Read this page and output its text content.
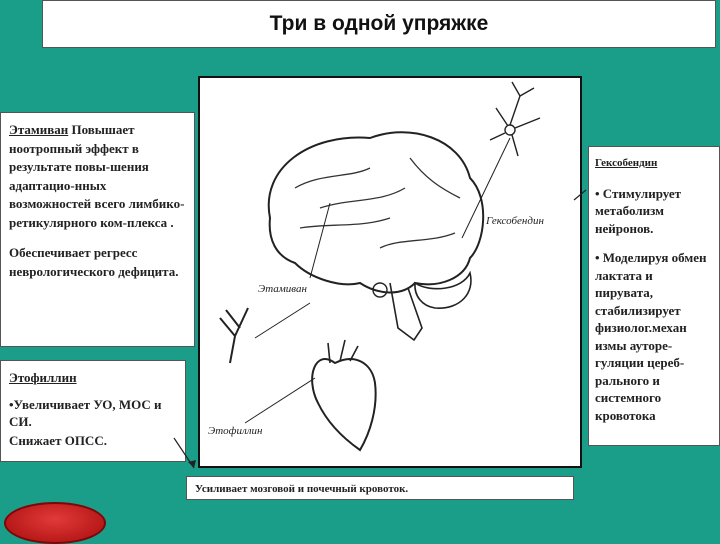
Три в одной упряжке

Этамиван Повышает ноотропный эффект в результате повы-шения адаптацио-нных возможностей всего лимбико-ретикулярного ком-плекса .

Обеспечивает регресс неврологического дефицита.

Этофиллин

•Увеличивает УО, МОС и СИ.

Снижает ОПСС.

Гексобендин

• Стимулирует метаболизм нейронов.

• Моделируя обмен лактата и пирувата, стабилизирует физиолог.механ измы ауторе-гуляции цереб-рального и системного кровотока

Усиливает мозговой и почечный кровоток.
Гексобендин
Этамиван
Этофиллин
